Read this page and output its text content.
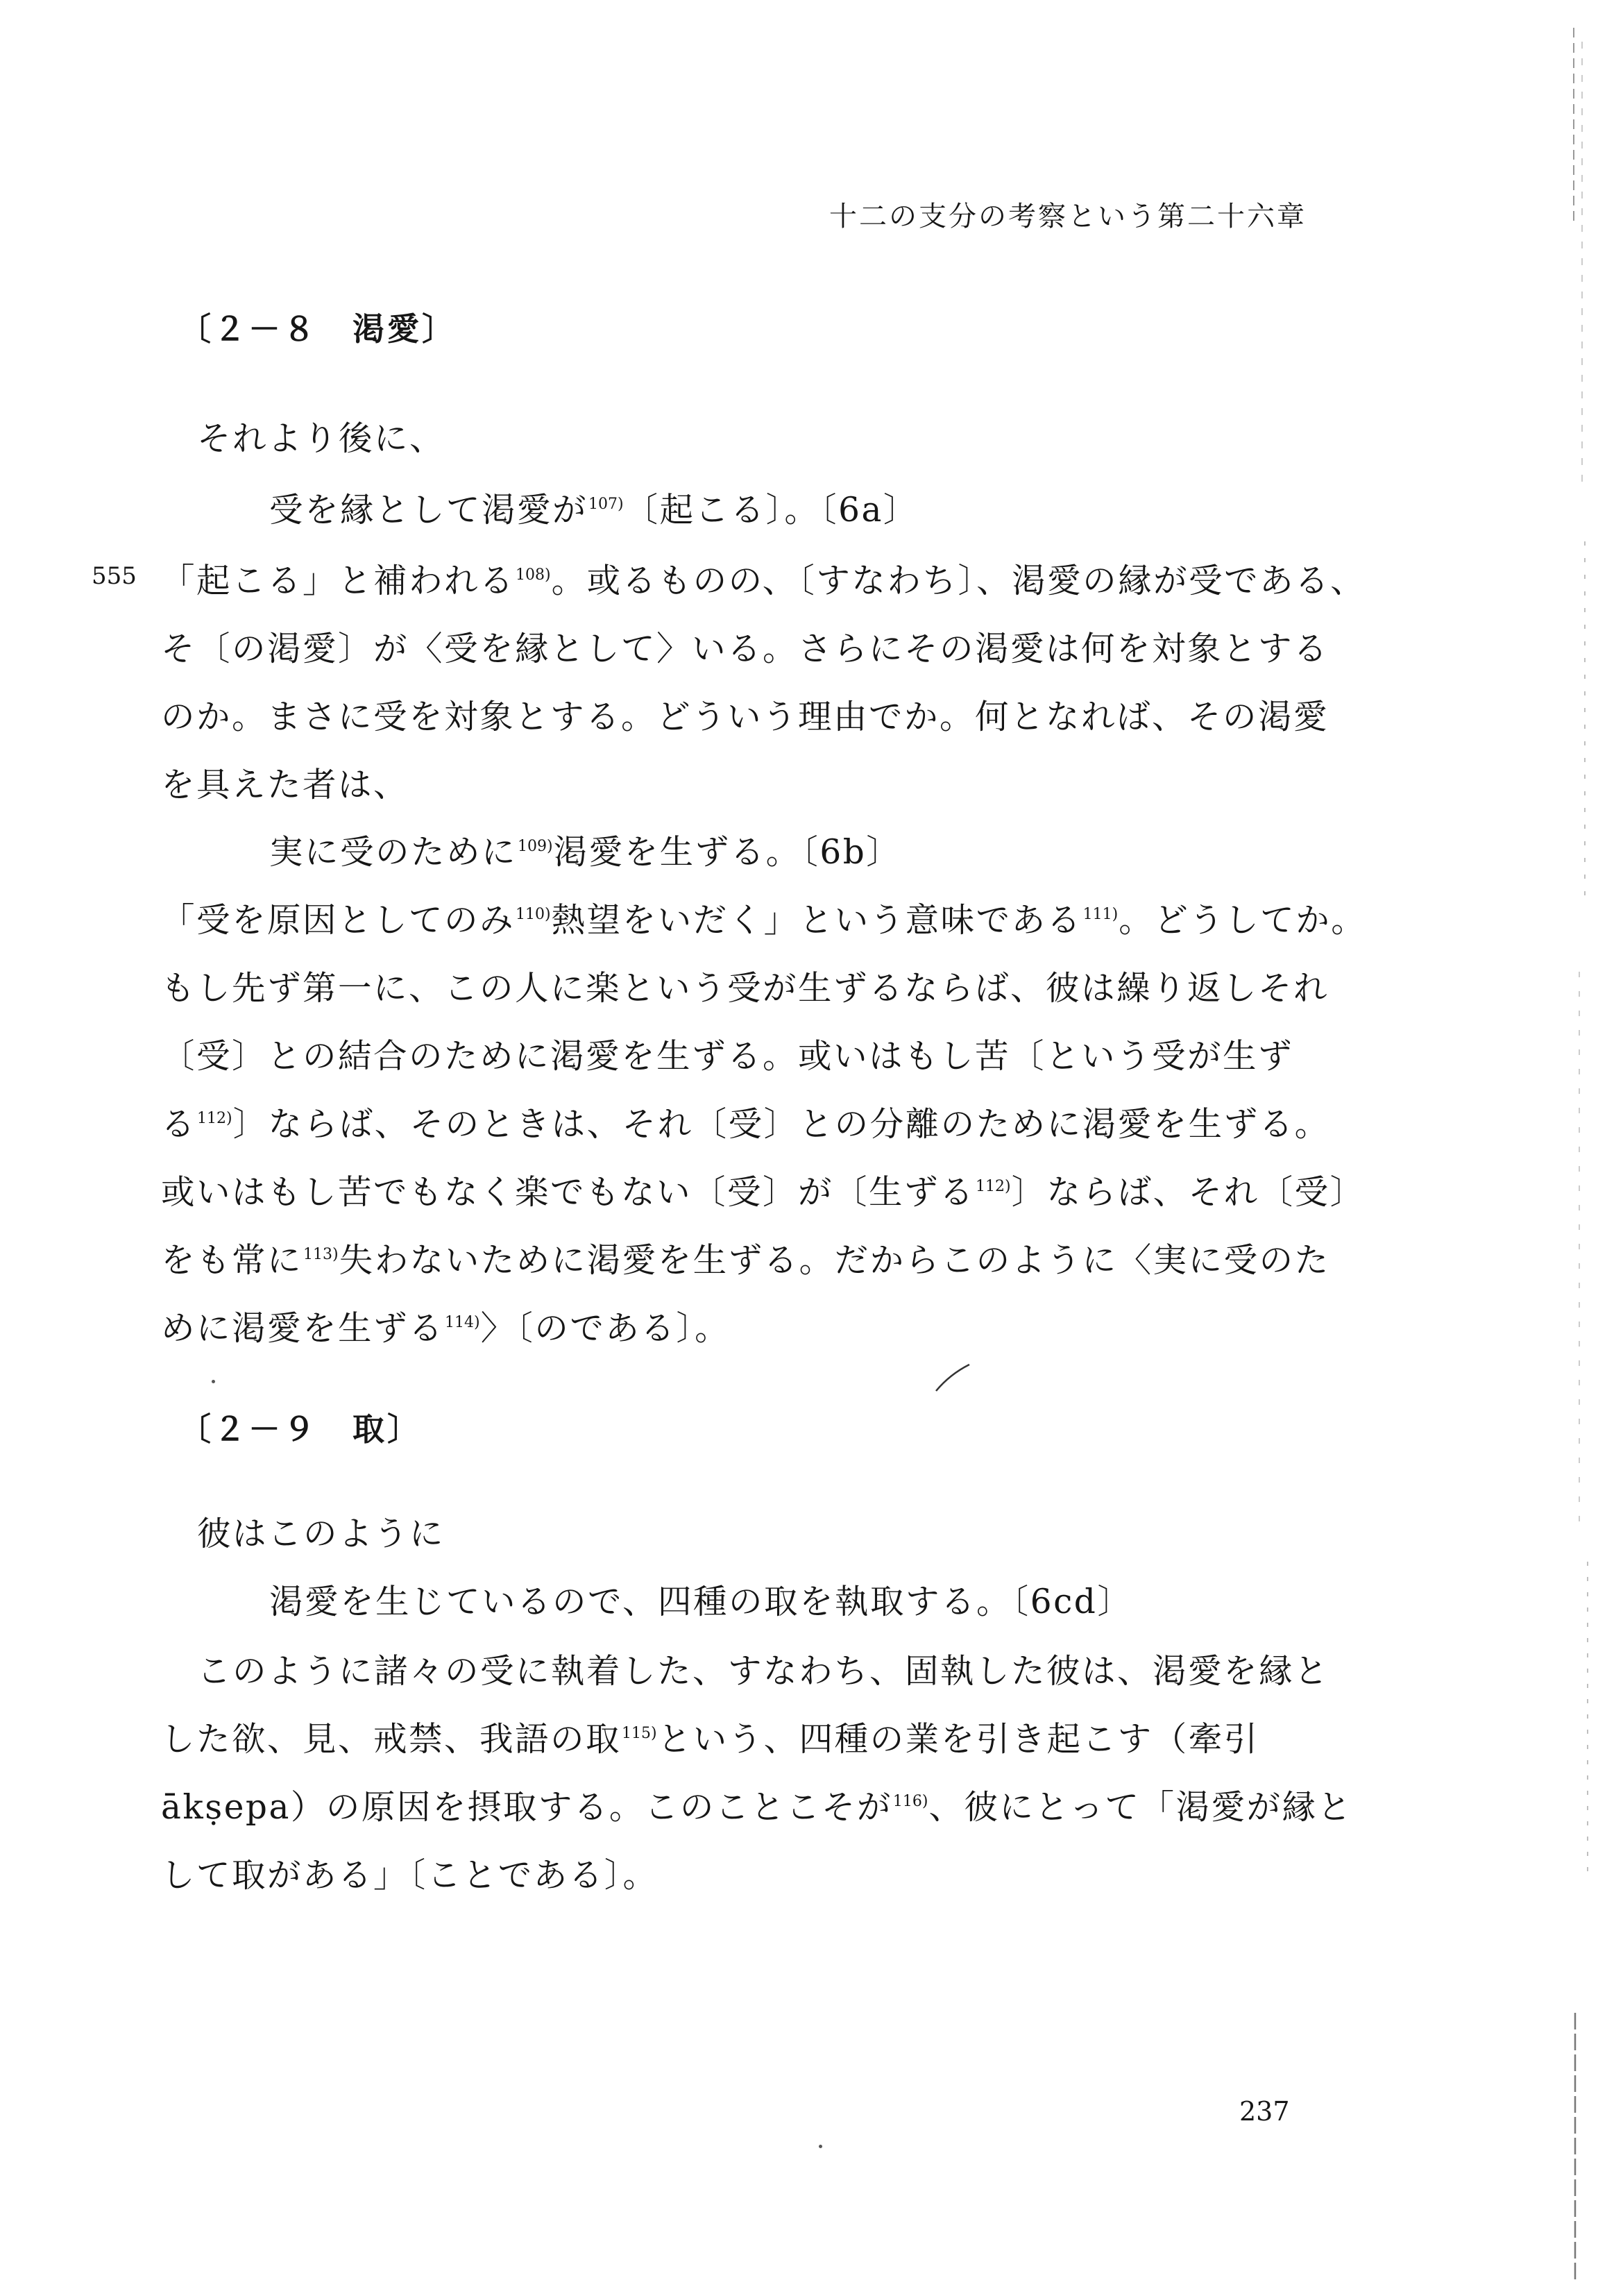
十二の支分の考察という第二十六章
〔２－８　渇愛〕
それより後に、
受を縁として渇愛が$^{107)}$〔起こる〕。〔6a〕
555 「起こる」と補われる$^{108)}$。或るものの、〔すなわち〕、渇愛の縁が受である、
そ〔の渇愛〕が〈受を縁として〉いる。さらにその渇愛は何を対象とする
のか。まさに受を対象とする。どういう理由でか。何となれば、その渇愛
を具えた者は、
実に受のために$^{109)}$渇愛を生ずる。〔6b〕
「受を原因としてのみ$^{110)}$熱望をいだく」という意味である$^{111)}$。どうしてか。
もし先ず第一に、この人に楽という受が生ずるならば、彼は繰り返しそれ
〔受〕との結合のために渇愛を生ずる。或いはもし苦〔という受が生ず
る$^{112)}$〕ならば、そのときは、それ〔受〕との分離のために渇愛を生ずる。
或いはもし苦でもなく楽でもない〔受〕が〔生ずる$^{112)}$〕ならば、それ〔受〕
をも常に$^{113)}$失わないために渇愛を生ずる。だからこのように〈実に受のた
めに渇愛を生ずる$^{114)}$〉〔のである〕。
〔２－９　取〕
彼はこのように
渇愛を生じているので、四種の取を執取する。〔6cd〕
このように諸々の受に執着した、すなわち、固執した彼は、渇愛を縁と
した欲、見、戒禁、我語の取$^{115)}$という、四種の業を引き起こす（牽引
ākṣepa）の原因を摂取する。このことこそが$^{116)}$、彼にとって「渇愛が縁と
して取がある」〔ことである〕。
237
